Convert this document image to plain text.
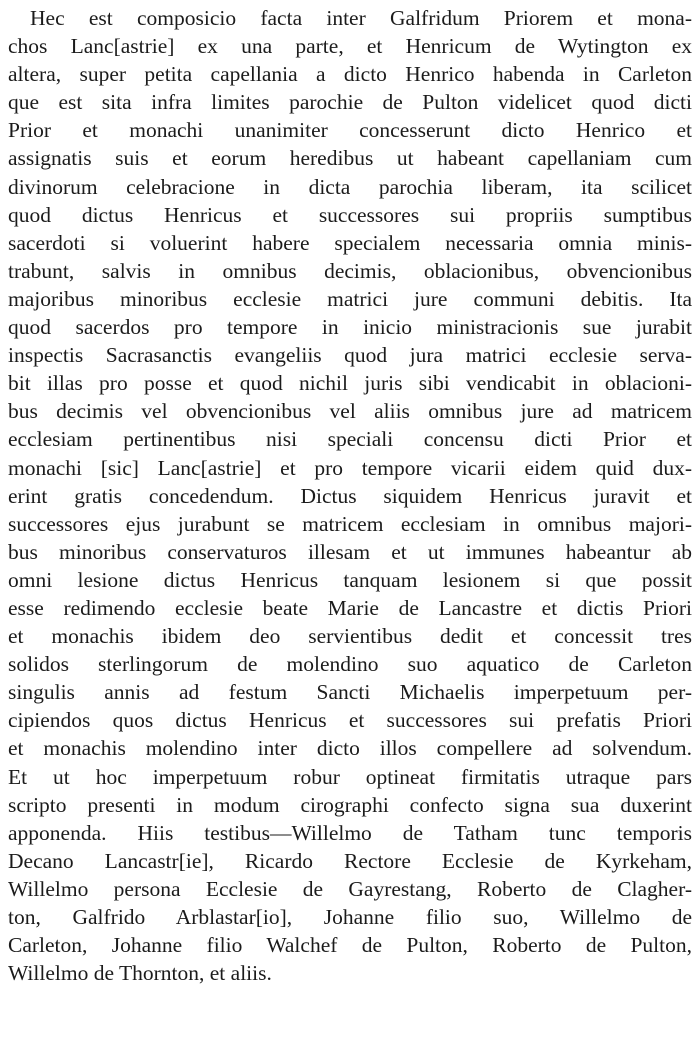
Hec est composicio facta inter Galfridum Priorem et mona-
chos Lanc[astrie] ex una parte, et Henricum de Wytington ex
altera, super petita capellania a dicto Henrico habenda in Carleton
que est sita infra limites parochie de Pulton videlicet quod dicti
Prior et monachi unanimiter concesserunt dicto Henrico et
assignatis suis et eorum heredibus ut habeant capellaniam cum
divinorum celebracione in dicta parochia liberam, ita scilicet
quod dictus Henricus et successores sui propriis sumptibus
sacerdoti si voluerint habere specialem necessaria omnia minis-
trabunt, salvis in omnibus decimis, oblacionibus, obvencionibus
majoribus minoribus ecclesie matrici jure communi debitis. Ita
quod sacerdos pro tempore in inicio ministracionis sue jurabit
inspectis Sacrasanctis evangeliis quod jura matrici ecclesie serva-
bit illas pro posse et quod nichil juris sibi vendicabit in oblacioni-
bus decimis vel obvencionibus vel aliis omnibus jure ad matricem
ecclesiam pertinentibus nisi speciali concensu dicti Prior et
monachi [sic] Lanc[astrie] et pro tempore vicarii eidem quid dux-
erint gratis concedendum. Dictus siquidem Henricus juravit et
successores ejus jurabunt se matricem ecclesiam in omnibus majori-
bus minoribus conservaturos illesam et ut immunes habeantur ab
omni lesione dictus Henricus tanquam lesionem si que possit
esse redimendo ecclesie beate Marie de Lancastre et dictis Priori
et monachis ibidem deo servientibus dedit et concessit tres
solidos sterlingorum de molendino suo aquatico de Carleton
singulis annis ad festum Sancti Michaelis imperpetuum per-
cipiendos quos dictus Henricus et successores sui prefatis Priori
et monachis molendino inter dicto illos compellere ad solvendum.
Et ut hoc imperpetuum robur optineat firmitatis utraque pars
scripto presenti in modum cirographi confecto signa sua duxerint
apponenda. Hiis testibus—Willelmo de Tatham tunc temporis
Decano Lancastr[ie], Ricardo Rectore Ecclesie de Kyrkeham,
Willelmo persona Ecclesie de Gayrestang, Roberto de Clagher-
ton, Galfrido Arblastar[io], Johanne filio suo, Willelmo de
Carleton, Johanne filio Walchef de Pulton, Roberto de Pulton,
Willelmo de Thornton, et aliis.
